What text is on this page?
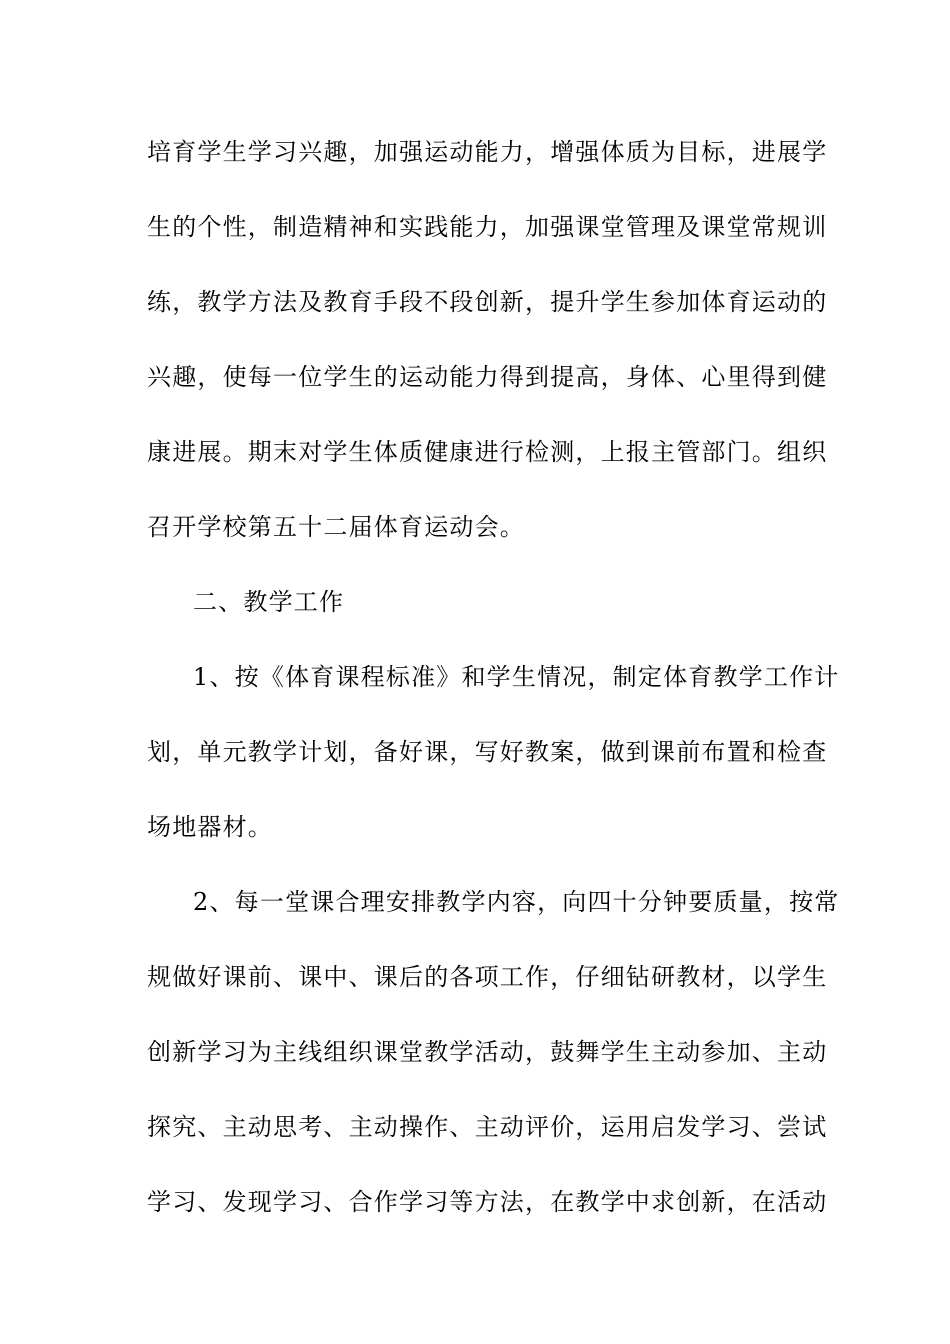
培育学生学习兴趣，加强运动能力，增强体质为目标，进展学
生的个性，制造精神和实践能力，加强课堂管理及课堂常规训
练，教学方法及教育手段不段创新，提升学生参加体育运动的
兴趣，使每一位学生的运动能力得到提高，身体、心里得到健
康进展。期末对学生体质健康进行检测，上报主管部门。组织
召开学校第五十二届体育运动会。
二、教学工作
1、按《体育课程标准》和学生情况，制定体育教学工作计
划，单元教学计划，备好课，写好教案，做到课前布置和检查
场地器材。
2、每一堂课合理安排教学内容，向四十分钟要质量，按常
规做好课前、课中、课后的各项工作，仔细钻研教材，以学生
创新学习为主线组织课堂教学活动，鼓舞学生主动参加、主动
探究、主动思考、主动操作、主动评价，运用启发学习、尝试
学习、发现学习、合作学习等方法，在教学中求创新，在活动
